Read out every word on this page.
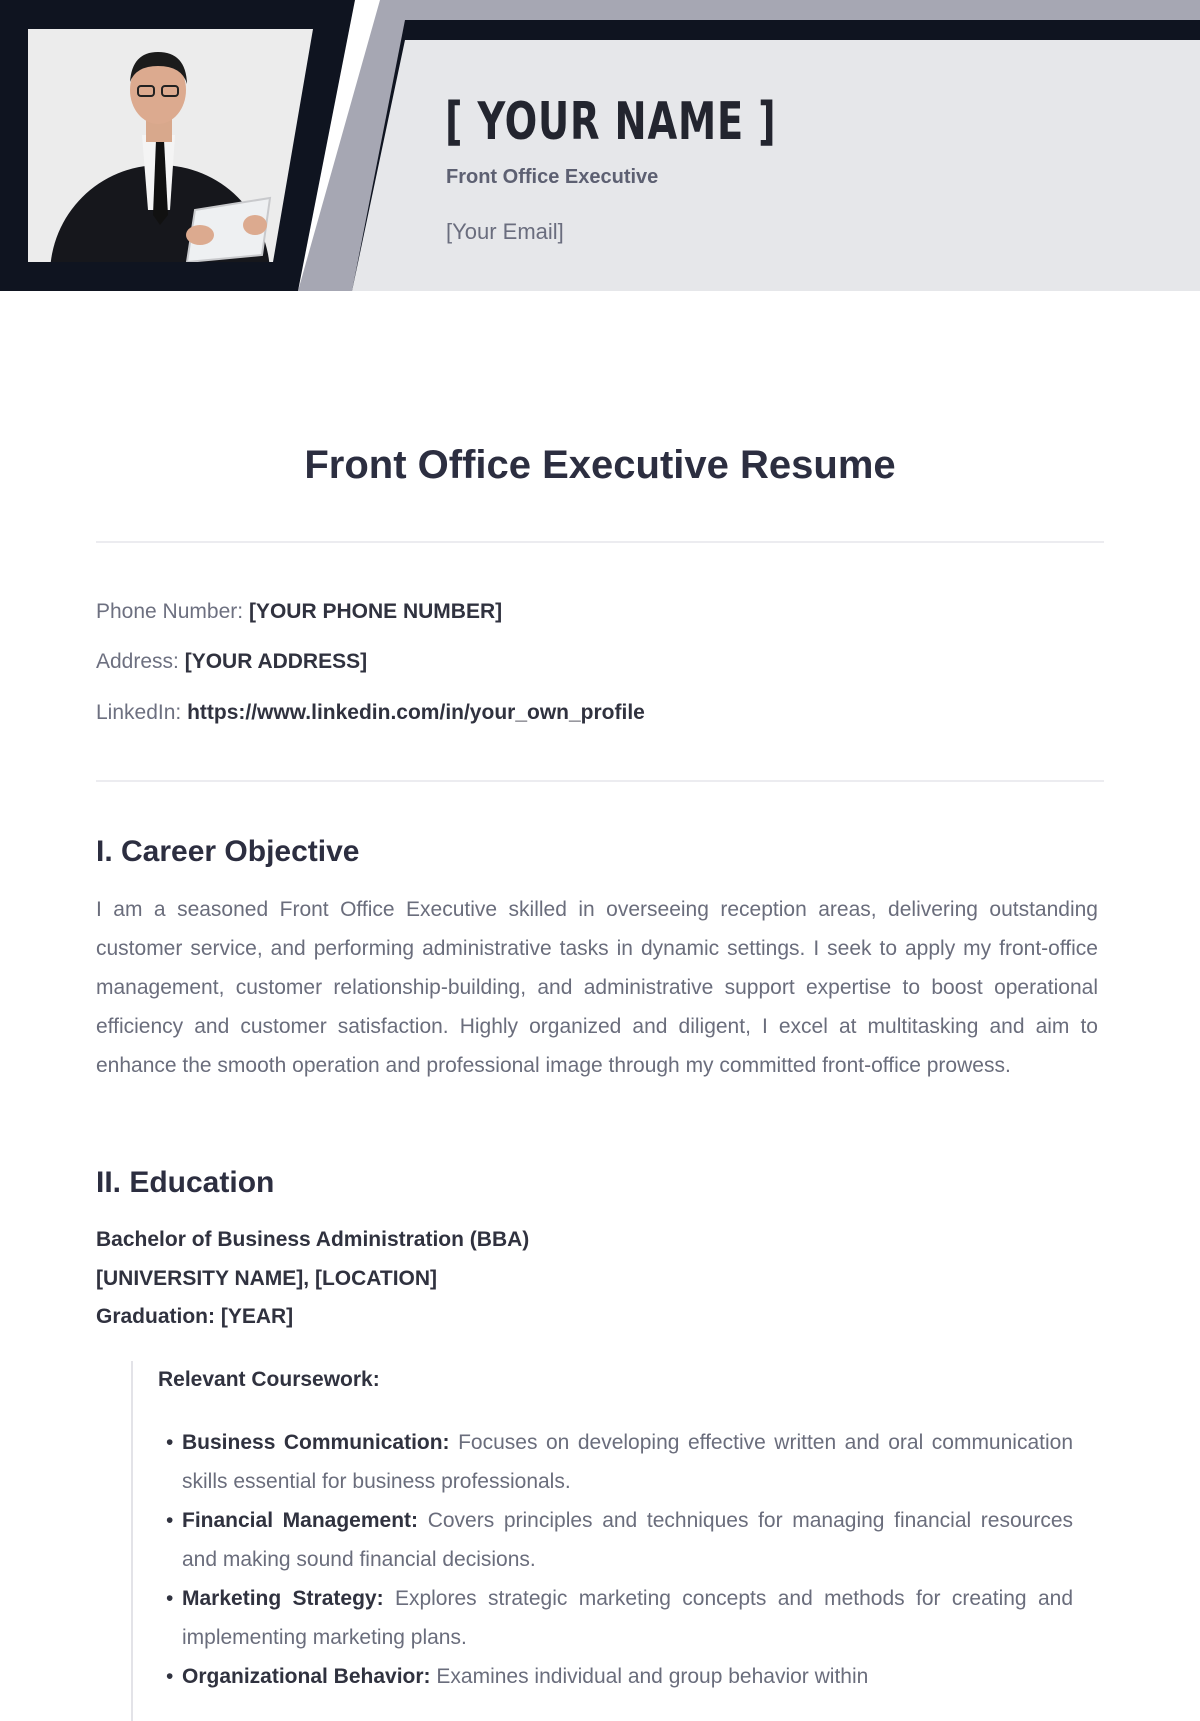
[ YOUR NAME ]
Front Office Executive
[Your Email]
Front Office Executive Resume
Phone Number: [YOUR PHONE NUMBER]
Address: [YOUR ADDRESS]
LinkedIn: https://www.linkedin.com/in/your_own_profile
I. Career Objective

I am a seasoned Front Office Executive skilled in overseeing reception areas, delivering outstanding customer service, and performing administrative tasks in dynamic settings. I seek to apply my front-office management, customer relationship-building, and administrative support expertise to boost operational efficiency and customer satisfaction. Highly organized and diligent, I excel at multitasking and aim to enhance the smooth operation and professional image through my committed front-office prowess.

II. Education
Bachelor of Business Administration (BBA)
[UNIVERSITY NAME], [LOCATION]
Graduation: [YEAR]
Relevant Coursework:
• Business Communication: Focuses on developing effective written and oral communication skills essential for business professionals.
• Financial Management: Covers principles and techniques for managing financial resources and making sound financial decisions.
• Marketing Strategy: Explores strategic marketing concepts and methods for creating and implementing marketing plans.
• Organizational Behavior: Examines individual and group behavior within
